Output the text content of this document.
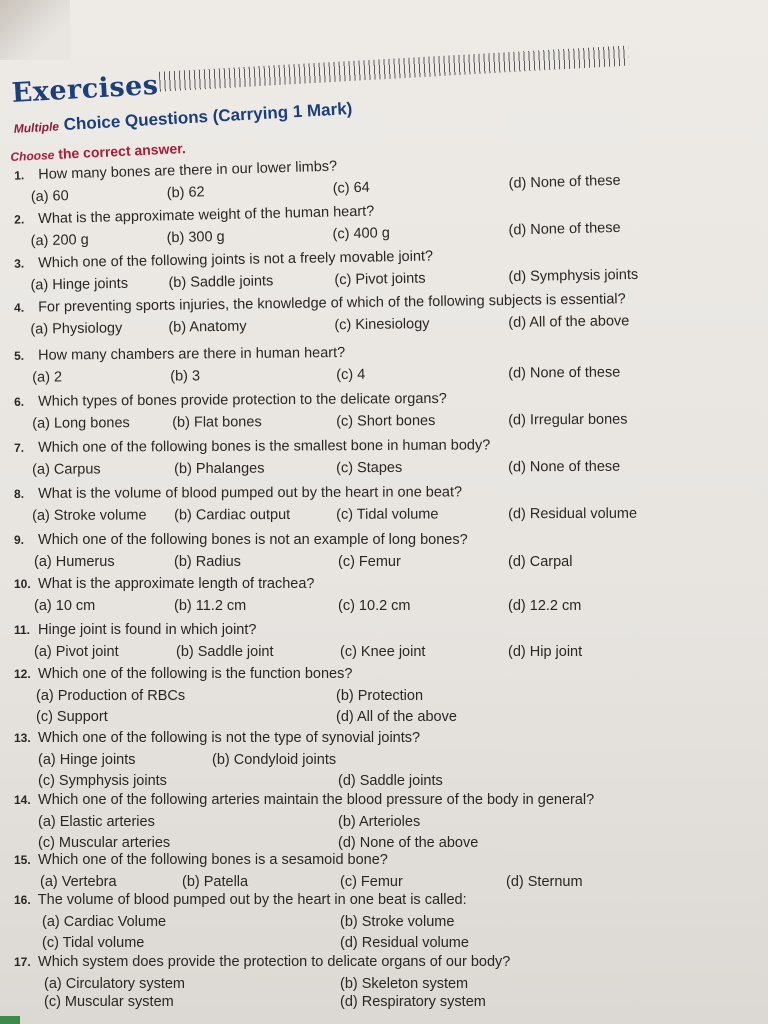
Exercises
Multiple Choice Questions (Carrying 1 Mark)
Choose the correct answer.
1. How many bones are there in our lower limbs?
(a) 60	(b) 62	(c) 64	(d) None of these
2. What is the approximate weight of the human heart?
(a) 200 g	(b) 300 g	(c) 400 g	(d) None of these
3. Which one of the following joints is not a freely movable joint?
(a) Hinge joints	(b) Saddle joints	(c) Pivot joints	(d) Symphysis joints
4. For preventing sports injuries, the knowledge of which of the following subjects is essential?
(a) Physiology	(b) Anatomy	(c) Kinesiology	(d) All of the above
5. How many chambers are there in human heart?
(a) 2	(b) 3	(c) 4	(d) None of these
6. Which types of bones provide protection to the delicate organs?
(a) Long bones	(b) Flat bones	(c) Short bones	(d) Irregular bones
7. Which one of the following bones is the smallest bone in human body?
(a) Carpus	(b) Phalanges	(c) Stapes	(d) None of these
8. What is the volume of blood pumped out by the heart in one beat?
(a) Stroke volume (b) Cardiac output	(c) Tidal volume	(d) Residual volume
9. Which one of the following bones is not an example of long bones?
(a) Humerus	(b) Radius	(c) Femur	(d) Carpal
10. What is the approximate length of trachea?
(a) 10 cm	(b) 11.2 cm	(c) 10.2 cm	(d) 12.2 cm
11. Hinge joint is found in which joint?
(a) Pivot joint	(b) Saddle joint	(c) Knee joint	(d) Hip joint
12. Which one of the following is the function bones?
(a) Production of RBCs	(b) Protection
(c) Support	(d) All of the above
13. Which one of the following is not the type of synovial joints?
(a) Hinge joints	(b) Condyloid joints
(c) Symphysis joints	(d) Saddle joints
14. Which one of the following arteries maintain the blood pressure of the body in general?
(a) Elastic arteries	(b) Arterioles
(c) Muscular arteries	(d) None of the above
15. Which one of the following bones is a sesamoid bone?
(a) Vertebra	(b) Patella	(c) Femur	(d) Sternum
16. The volume of blood pumped out by the heart in one beat is called:
(a) Cardiac Volume	(b) Stroke volume
(c) Tidal volume	(d) Residual volume
17. Which system does provide the protection to delicate organs of our body?
(a) Circulatory system	(b) Skeleton system
(c) Muscular system	(d) Respiratory system
